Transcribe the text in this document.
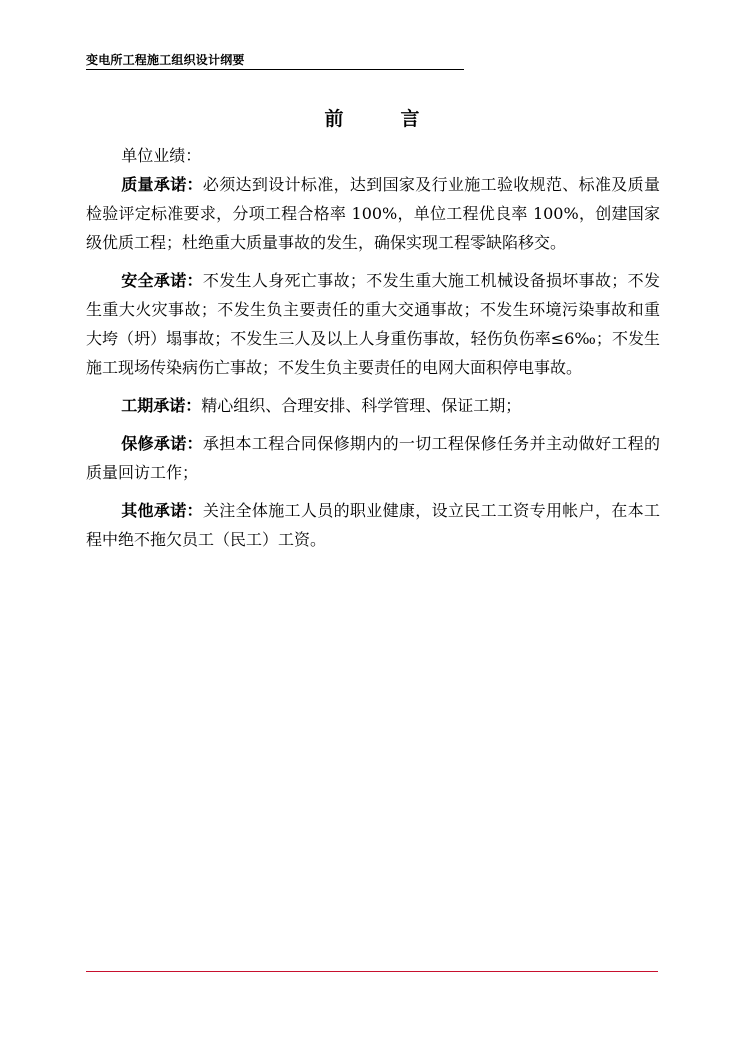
变电所工程施工组织设计纲要
前　　　言

单位业绩：

质量承诺：必须达到设计标准，达到国家及行业施工验收规范、标准及质量检验评定标准要求，分项工程合格率 100%，单位工程优良率 100%，创建国家级优质工程；杜绝重大质量事故的发生，确保实现工程零缺陷移交。

安全承诺：不发生人身死亡事故；不发生重大施工机械设备损坏事故；不发生重大火灾事故；不发生负主要责任的重大交通事故；不发生环境污染事故和重大垮（坍）塌事故；不发生三人及以上人身重伤事故，轻伤负伤率≤6‰；不发生施工现场传染病伤亡事故；不发生负主要责任的电网大面积停电事故。

工期承诺：精心组织、合理安排、科学管理、保证工期；

保修承诺：承担本工程合同保修期内的一切工程保修任务并主动做好工程的质量回访工作；

其他承诺：关注全体施工人员的职业健康，设立民工工资专用帐户，在本工程中绝不拖欠员工（民工）工资。
